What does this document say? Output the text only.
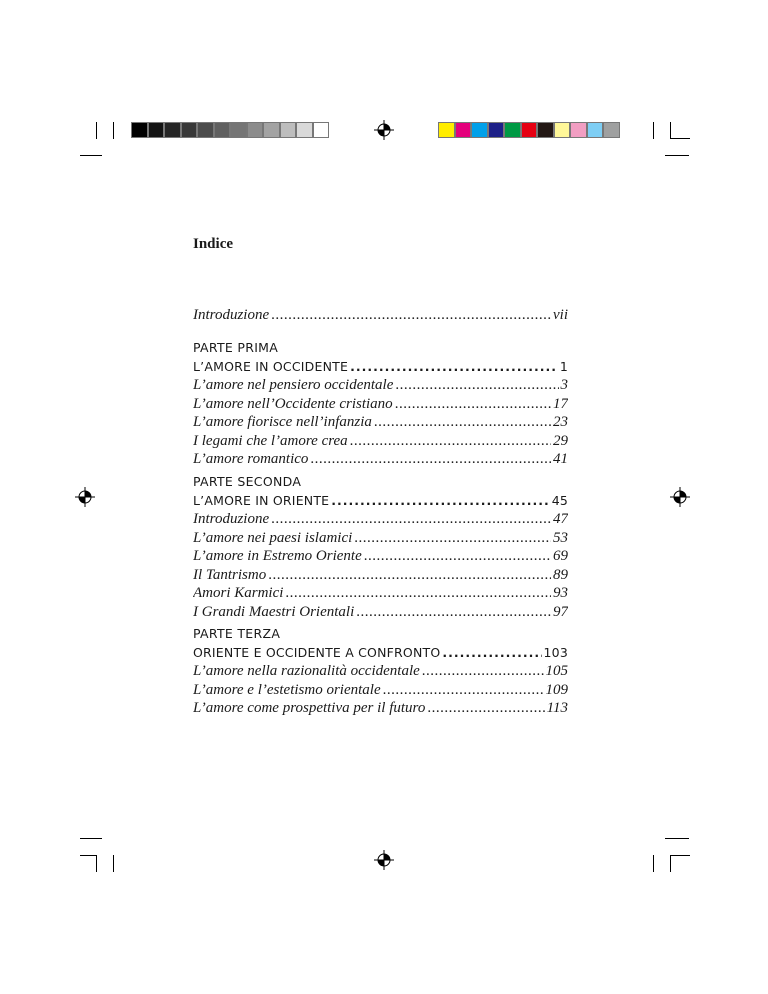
Indice
Introduzione .....	vii
PARTE PRIMA
L’AMORE IN OCCIDENTE .....	1
L’amore nel pensiero occidentale .....	3
L’amore nell’Occidente cristiano .....	17
L’amore fiorisce nell’infanzia .....	23
I legami che l’amore crea .....	29
L’amore romantico .....	41
PARTE SECONDA
L’AMORE IN ORIENTE .....	45
Introduzione .....	47
L’amore nei paesi islamici .....	53
L’amore in Estremo Oriente .....	69
Il Tantrismo .....	89
Amori Karmici .....	93
I Grandi Maestri Orientali .....	97
PARTE TERZA
ORIENTE E OCCIDENTE A CONFRONTO .....	103
L’amore nella razionalità occidentale .....	105
L’amore e l’estetismo orientale .....	109
L’amore come prospettiva per il futuro .....	113
